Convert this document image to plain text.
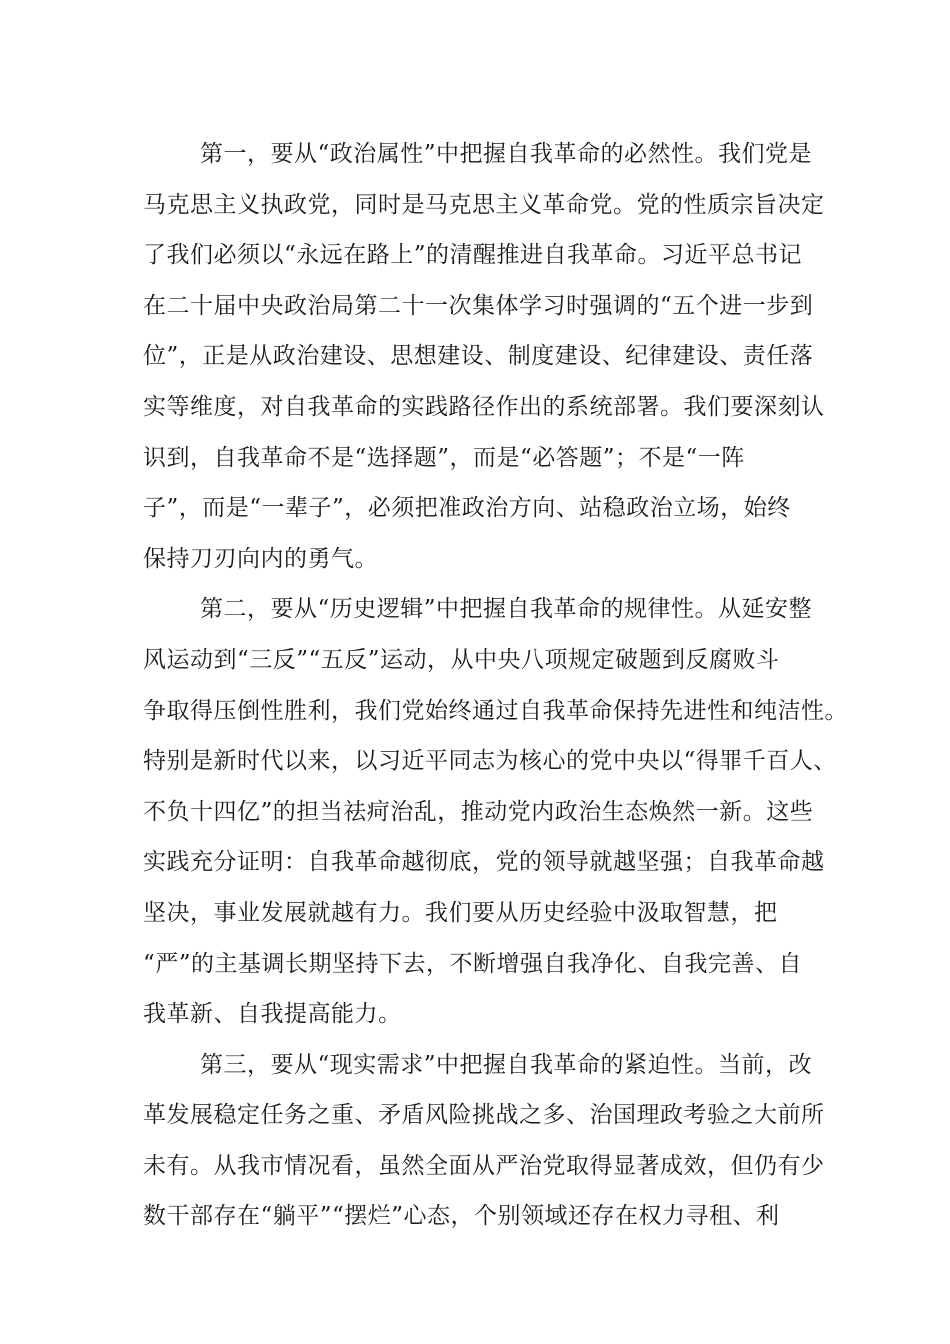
第一，要从“政治属性”中把握自我革命的必然性。我们党是
马克思主义执政党，同时是马克思主义革命党。党的性质宗旨决定
了我们必须以“永远在路上”的清醒推进自我革命。习近平总书记
在二十届中央政治局第二十一次集体学习时强调的“五个进一步到
位”，正是从政治建设、思想建设、制度建设、纪律建设、责任落
实等维度，对自我革命的实践路径作出的系统部署。我们要深刻认
识到，自我革命不是“选择题”，而是“必答题”；不是“一阵
子”，而是“一辈子”，必须把准政治方向、站稳政治立场，始终
保持刀刃向内的勇气。
第二，要从“历史逻辑”中把握自我革命的规律性。从延安整
风运动到“三反”“五反”运动，从中央八项规定破题到反腐败斗
争取得压倒性胜利，我们党始终通过自我革命保持先进性和纯洁性。
特别是新时代以来，以习近平同志为核心的党中央以“得罪千百人、
不负十四亿”的担当祛疴治乱，推动党内政治生态焕然一新。这些
实践充分证明：自我革命越彻底，党的领导就越坚强；自我革命越
坚决，事业发展就越有力。我们要从历史经验中汲取智慧，把
“严”的主基调长期坚持下去，不断增强自我净化、自我完善、自
我革新、自我提高能力。
第三，要从“现实需求”中把握自我革命的紧迫性。当前，改
革发展稳定任务之重、矛盾风险挑战之多、治国理政考验之大前所
未有。从我市情况看，虽然全面从严治党取得显著成效，但仍有少
数干部存在“躺平”“摆烂”心态，个别领域还存在权力寻租、利
